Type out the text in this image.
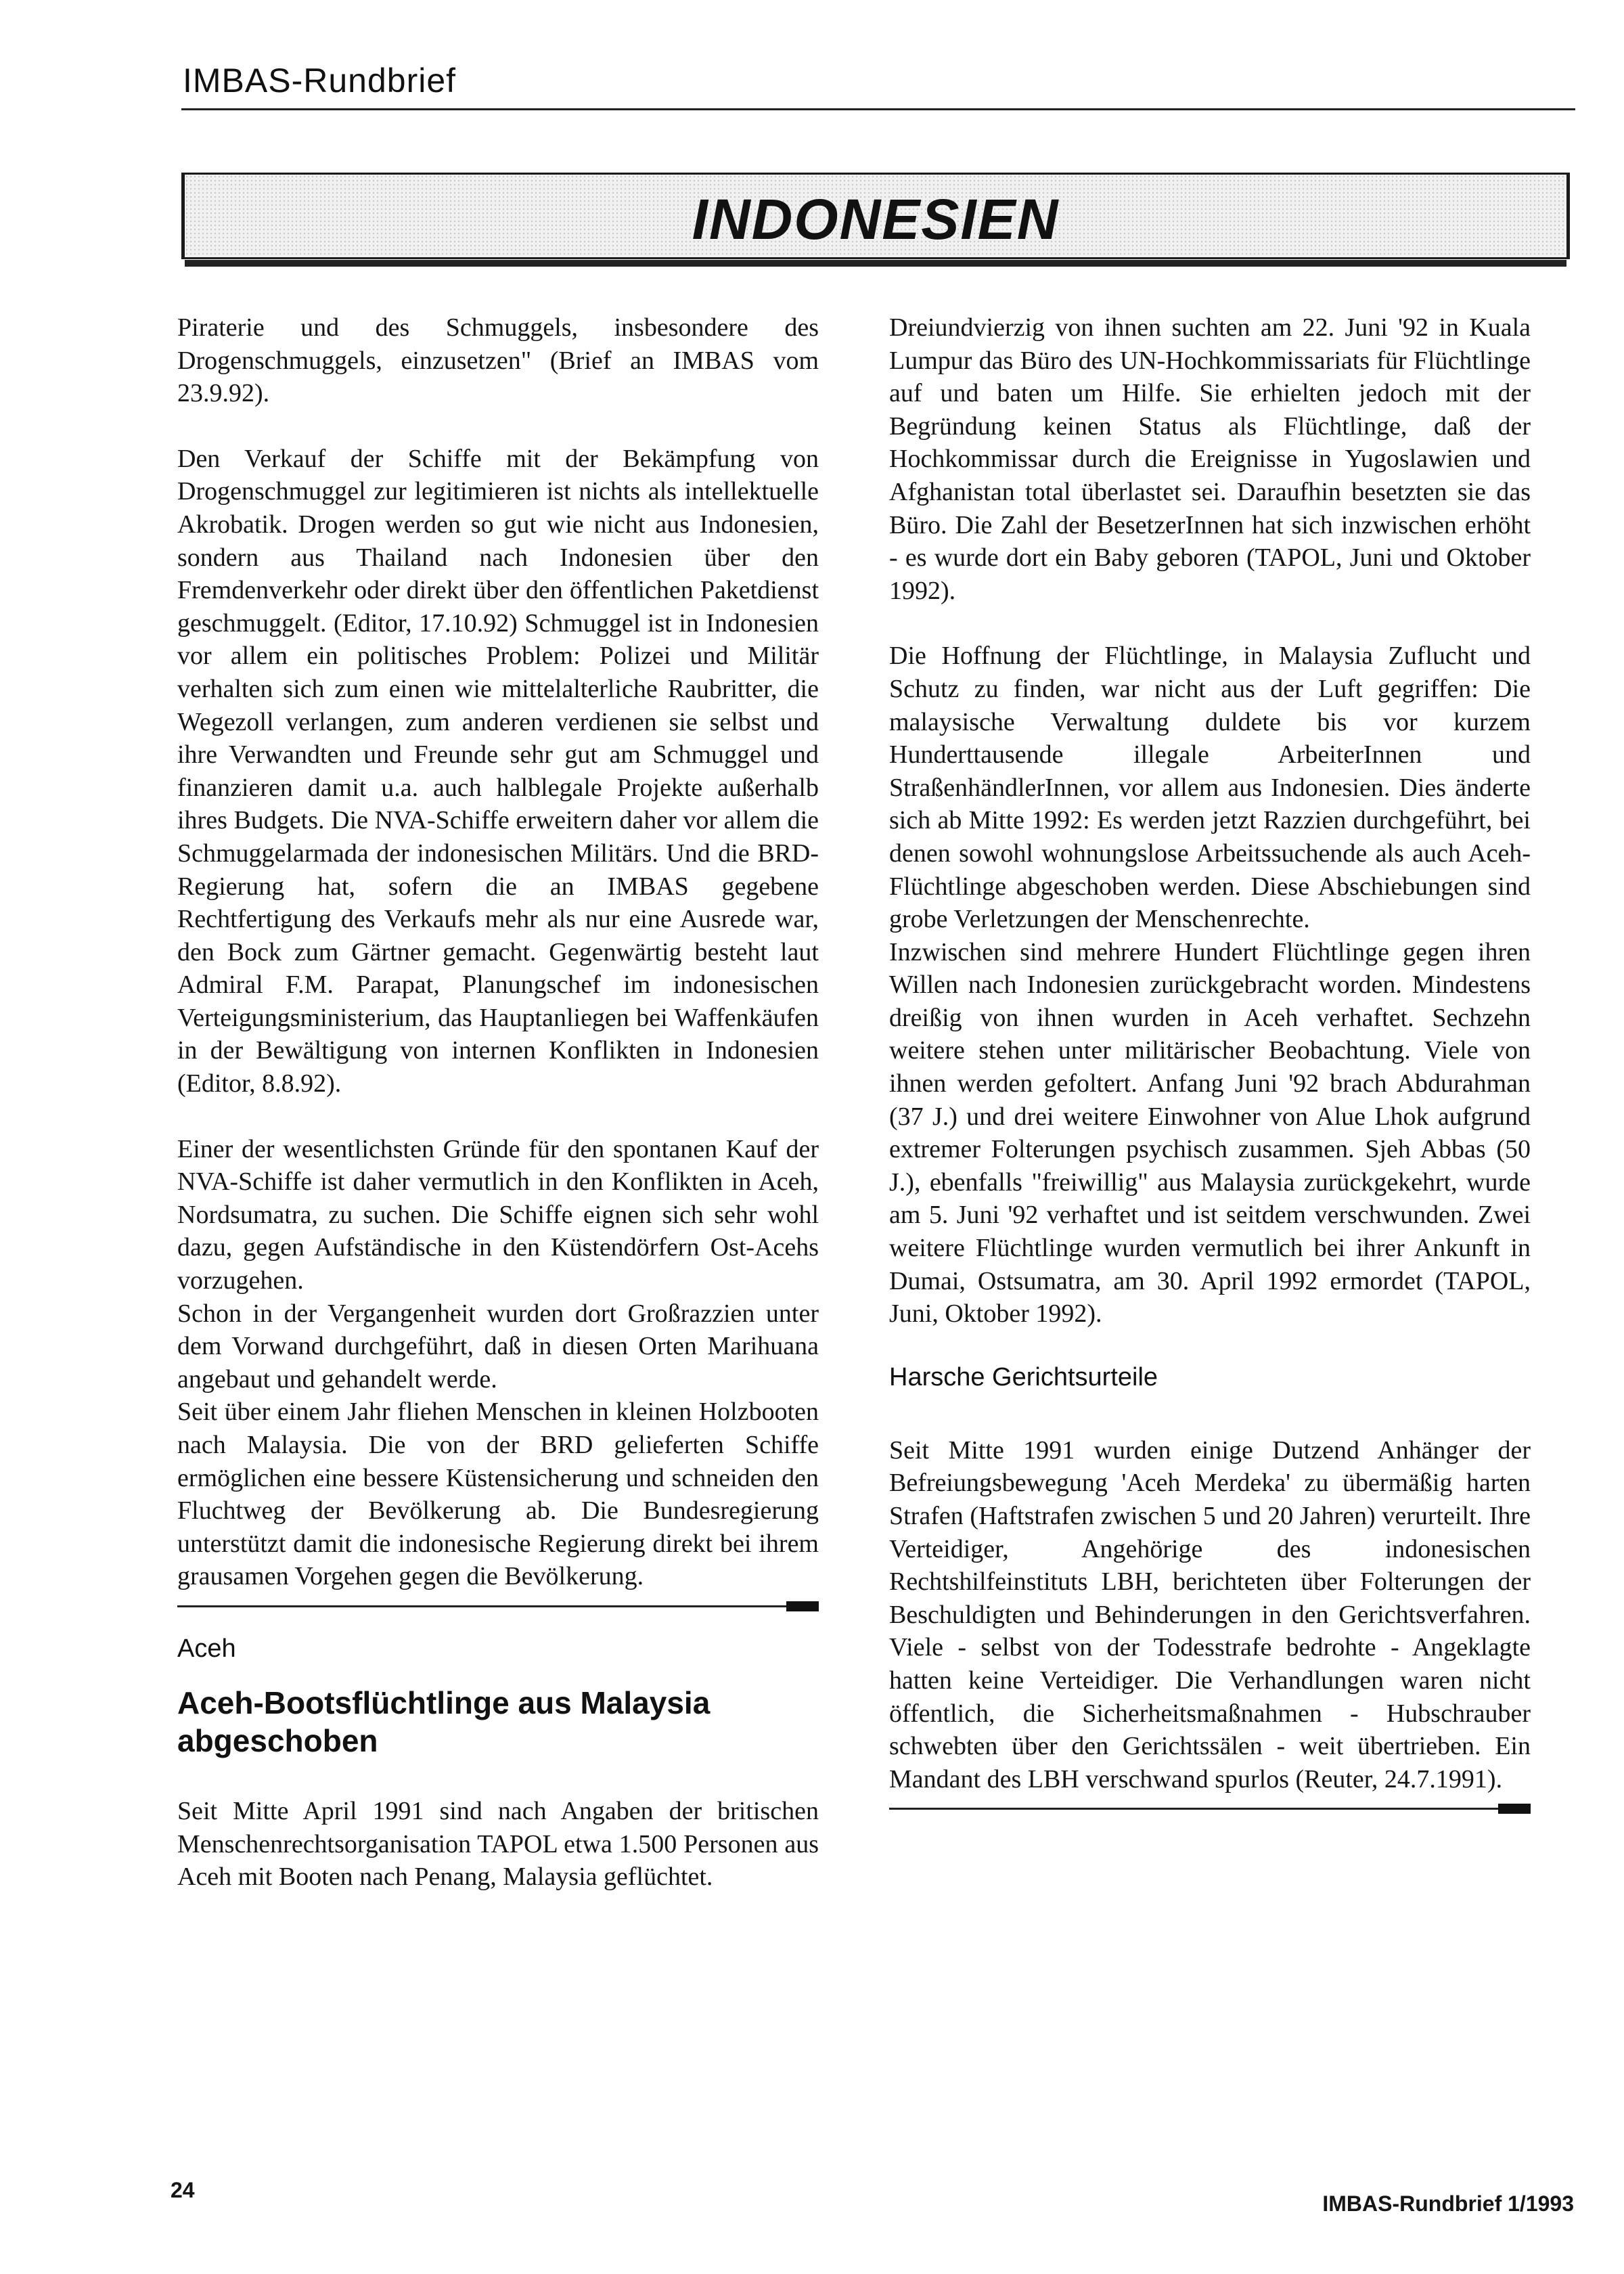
IMBAS-Rundbrief
INDONESIEN

Piraterie und des Schmuggels, insbesondere des Drogenschmuggels, einzusetzen" (Brief an IMBAS vom 23.9.92).

Den Verkauf der Schiffe mit der Bekämpfung von Drogenschmuggel zur legitimieren ist nichts als intellektuelle Akrobatik. Drogen werden so gut wie nicht aus Indonesien, sondern aus Thailand nach Indonesien über den Fremdenverkehr oder direkt über den öffentlichen Paketdienst geschmuggelt. (Editor, 17.10.92) Schmuggel ist in Indonesien vor allem ein politisches Problem: Polizei und Militär verhalten sich zum einen wie mittelalterliche Raubritter, die Wegezoll verlangen, zum anderen verdienen sie selbst und ihre Verwandten und Freunde sehr gut am Schmuggel und finanzieren damit u.a. auch halblegale Projekte außerhalb ihres Budgets. Die NVA-Schiffe erweitern daher vor allem die Schmuggelarmada der indonesischen Militärs. Und die BRD-Regierung hat, sofern die an IMBAS gegebene Rechtfertigung des Verkaufs mehr als nur eine Ausrede war, den Bock zum Gärtner gemacht. Gegenwärtig besteht laut Admiral F.M. Parapat, Planungschef im indonesischen Verteigungsministerium, das Hauptanliegen bei Waffenkäufen in der Bewältigung von internen Konflikten in Indonesien (Editor, 8.8.92).

Einer der wesentlichsten Gründe für den spontanen Kauf der NVA-Schiffe ist daher vermutlich in den Konflikten in Aceh, Nordsumatra, zu suchen. Die Schiffe eignen sich sehr wohl dazu, gegen Aufständische in den Küstendörfern Ost-Acehs vorzugehen.

Schon in der Vergangenheit wurden dort Großrazzien unter dem Vorwand durchgeführt, daß in diesen Orten Marihuana angebaut und gehandelt werde.

Seit über einem Jahr fliehen Menschen in kleinen Holzbooten nach Malaysia. Die von der BRD gelieferten Schiffe ermöglichen eine bessere Küstensicherung und schneiden den Fluchtweg der Bevölkerung ab. Die Bundesregierung unterstützt damit die indonesische Regierung direkt bei ihrem grausamen Vorgehen gegen die Bevölkerung.

Aceh
Aceh-Bootsflüchtlinge aus Malaysia abgeschoben

Seit Mitte April 1991 sind nach Angaben der britischen Menschenrechtsorganisation TAPOL etwa 1.500 Personen aus Aceh mit Booten nach Penang, Malaysia geflüchtet.

Dreiundvierzig von ihnen suchten am 22. Juni '92 in Kuala Lumpur das Büro des UN-Hochkommissariats für Flüchtlinge auf und baten um Hilfe. Sie erhielten jedoch mit der Begründung keinen Status als Flüchtlinge, daß der Hochkommissar durch die Ereignisse in Yugoslawien und Afghanistan total überlastet sei. Daraufhin besetzten sie das Büro. Die Zahl der BesetzerInnen hat sich inzwischen erhöht - es wurde dort ein Baby geboren (TAPOL, Juni und Oktober 1992).

Die Hoffnung der Flüchtlinge, in Malaysia Zuflucht und Schutz zu finden, war nicht aus der Luft gegriffen: Die malaysische Verwaltung duldete bis vor kurzem Hunderttausende illegale ArbeiterInnen und StraßenhändlerInnen, vor allem aus Indonesien. Dies änderte sich ab Mitte 1992: Es werden jetzt Razzien durchgeführt, bei denen sowohl wohnungslose Arbeitssuchende als auch Aceh-Flüchtlinge abgeschoben werden. Diese Abschiebungen sind grobe Verletzungen der Menschenrechte.

Inzwischen sind mehrere Hundert Flüchtlinge gegen ihren Willen nach Indonesien zurückgebracht worden. Mindestens dreißig von ihnen wurden in Aceh verhaftet. Sechzehn weitere stehen unter militärischer Beobachtung. Viele von ihnen werden gefoltert. Anfang Juni '92 brach Abdurahman (37 J.) und drei weitere Einwohner von Alue Lhok aufgrund extremer Folterungen psychisch zusammen. Sjeh Abbas (50 J.), ebenfalls "freiwillig" aus Malaysia zurückgekehrt, wurde am 5. Juni '92 verhaftet und ist seitdem verschwunden. Zwei weitere Flüchtlinge wurden vermutlich bei ihrer Ankunft in Dumai, Ostsumatra, am 30. April 1992 ermordet (TAPOL, Juni, Oktober 1992).

Harsche Gerichtsurteile

Seit Mitte 1991 wurden einige Dutzend Anhänger der Befreiungsbewegung 'Aceh Merdeka' zu übermäßig harten Strafen (Haftstrafen zwischen 5 und 20 Jahren) verurteilt. Ihre Verteidiger, Angehörige des indonesischen Rechtshilfeinstituts LBH, berichteten über Folterungen der Beschuldigten und Behinderungen in den Gerichtsverfahren. Viele - selbst von der Todesstrafe bedrohte - Angeklagte hatten keine Verteidiger. Die Verhandlungen waren nicht öffentlich, die Sicherheitsmaßnahmen - Hubschrauber schwebten über den Gerichtssälen - weit übertrieben. Ein Mandant des LBH verschwand spurlos (Reuter, 24.7.1991).

24
IMBAS-Rundbrief 1/1993
